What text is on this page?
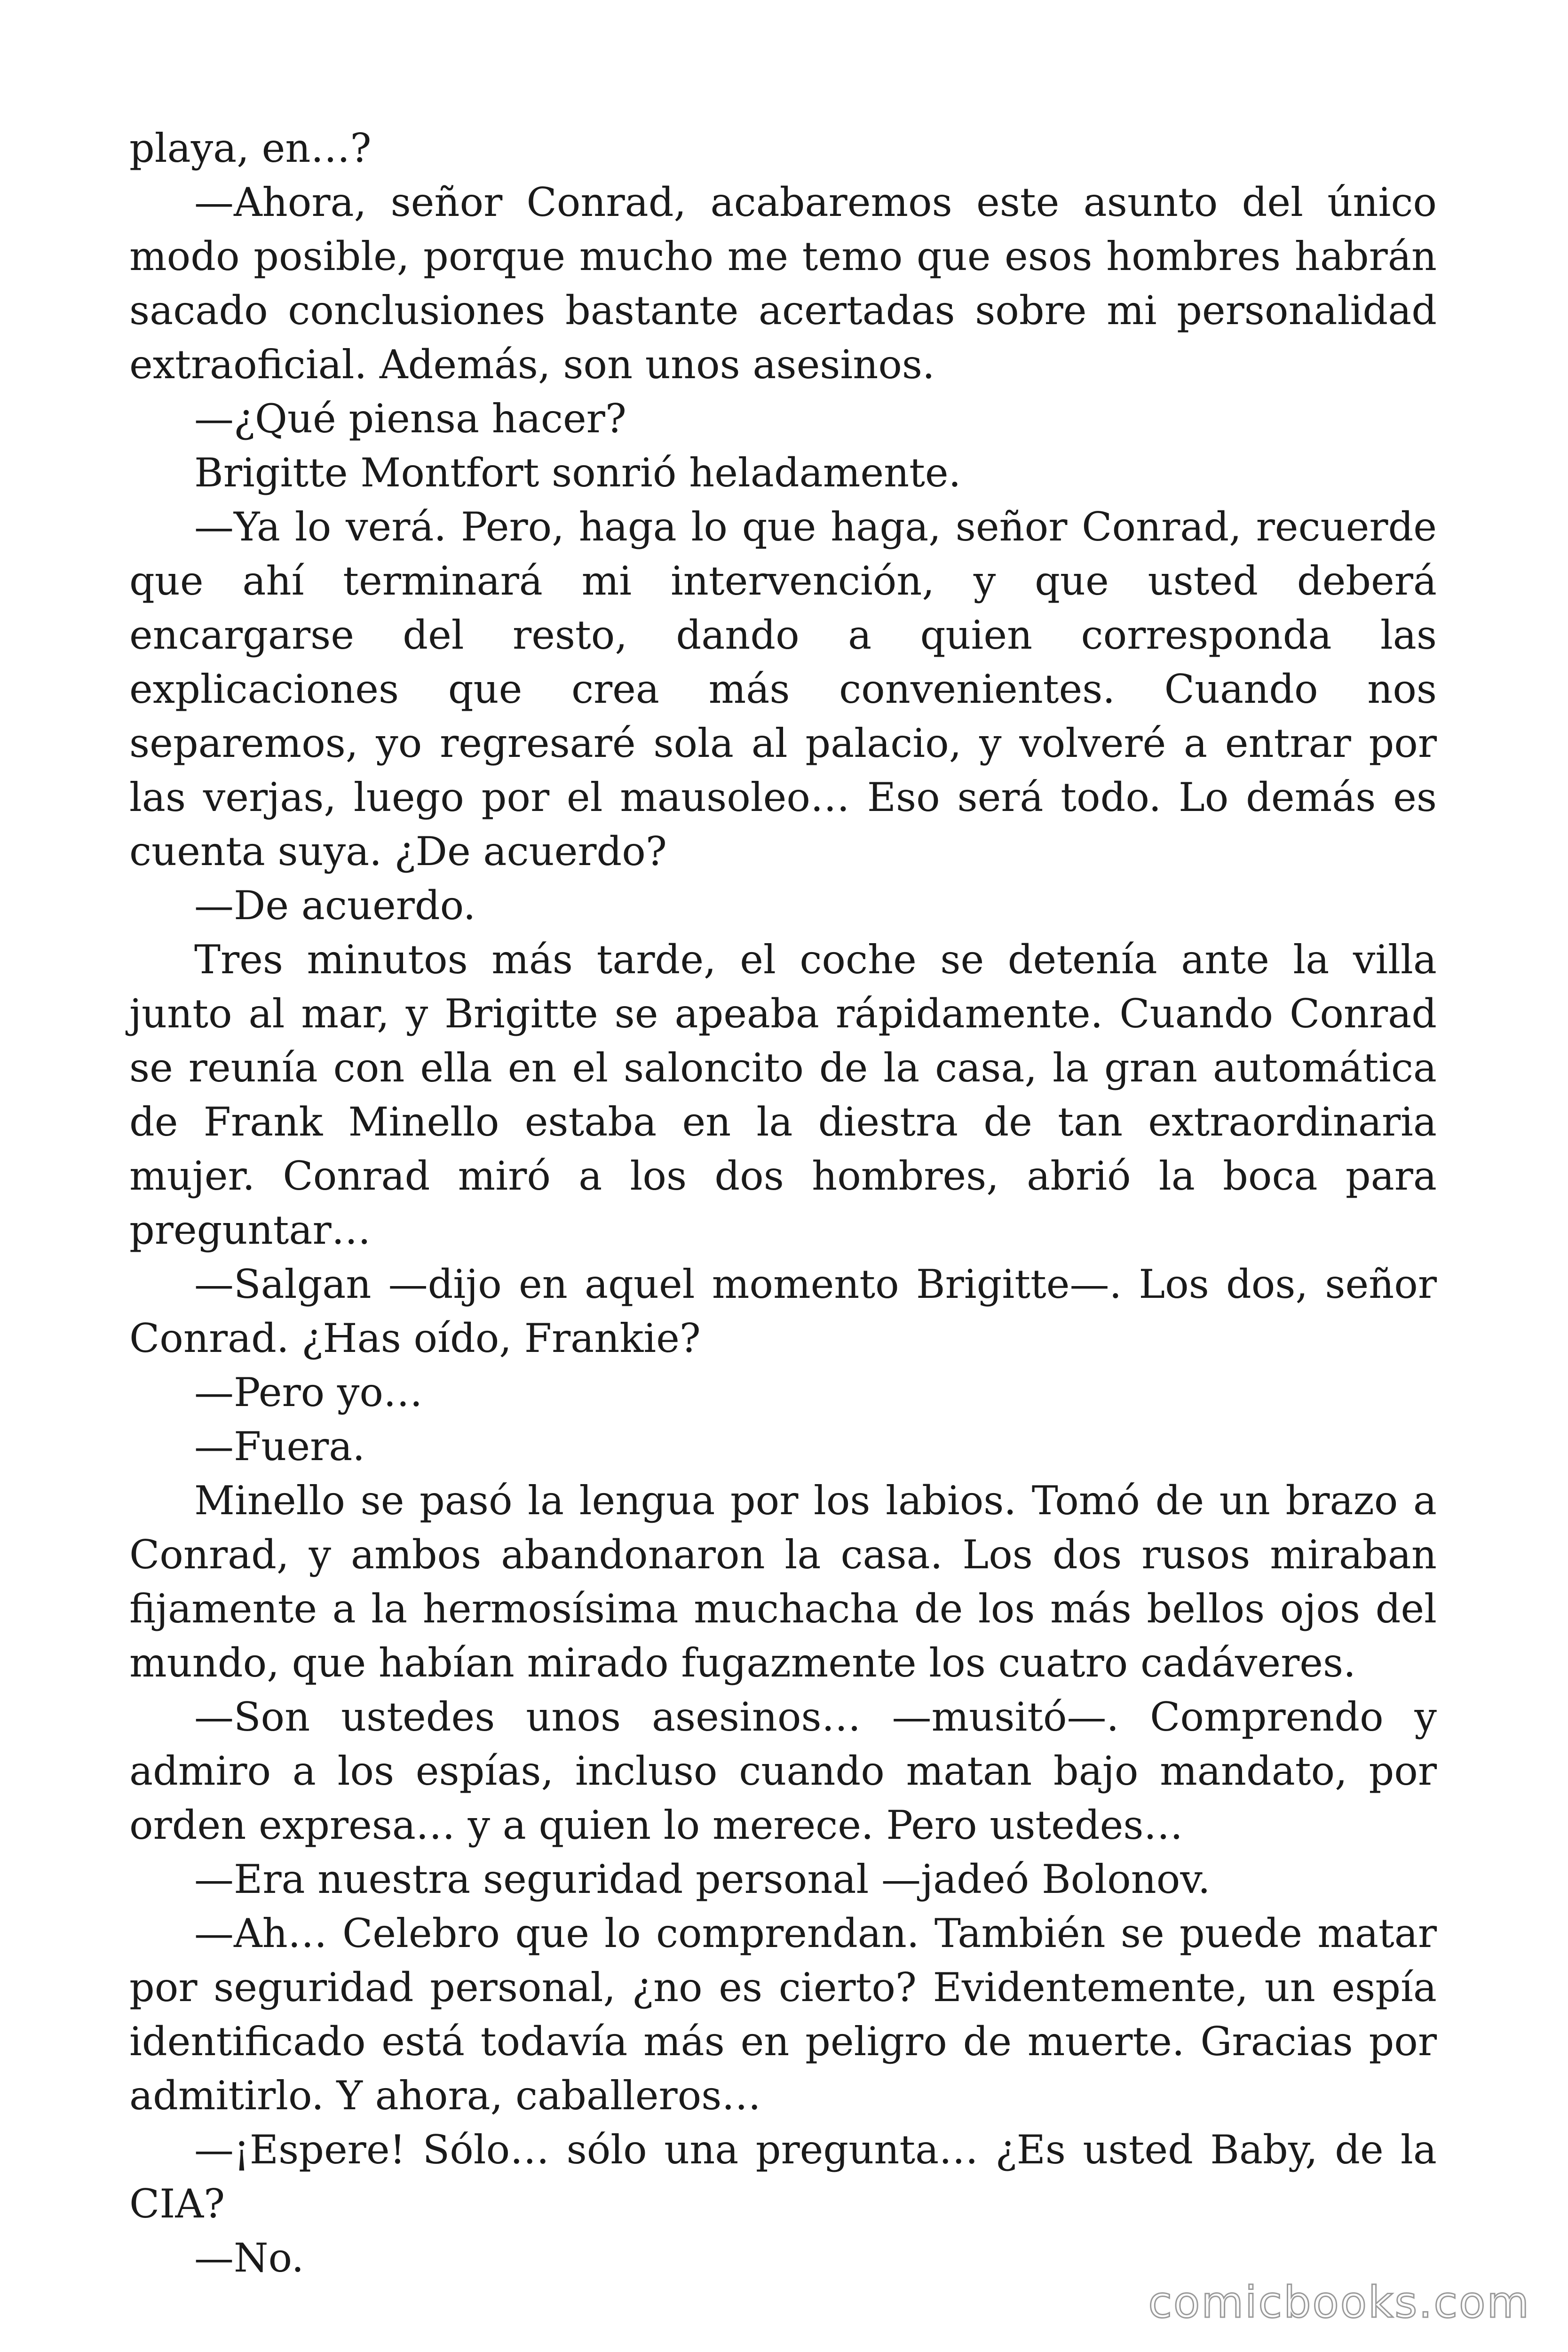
playa, en…?

—Ahora, señor Conrad, acabaremos este asunto del único modo posible, porque mucho me temo que esos hombres habrán sacado conclusiones bastante acertadas sobre mi personalidad extraoficial. Además, son unos asesinos.

—¿Qué piensa hacer?

Brigitte Montfort sonrió heladamente.

—Ya lo verá. Pero, haga lo que haga, señor Conrad, recuerde que ahí terminará mi intervención, y que usted deberá encargarse del resto, dando a quien corresponda las explicaciones que crea más convenientes. Cuando nos separemos, yo regresaré sola al palacio, y volveré a entrar por las verjas, luego por el mausoleo… Eso será todo. Lo demás es cuenta suya. ¿De acuerdo?

—De acuerdo.

Tres minutos más tarde, el coche se detenía ante la villa junto al mar, y Brigitte se apeaba rápidamente. Cuando Conrad se reunía con ella en el saloncito de la casa, la gran automática de Frank Minello estaba en la diestra de tan extraordinaria mujer. Conrad miró a los dos hombres, abrió la boca para preguntar…

—Salgan —dijo en aquel momento Brigitte—. Los dos, señor Conrad. ¿Has oído, Frankie?

—Pero yo…

—Fuera.

Minello se pasó la lengua por los labios. Tomó de un brazo a Conrad, y ambos abandonaron la casa. Los dos rusos miraban fijamente a la hermosísima muchacha de los más bellos ojos del mundo, que habían mirado fugazmente los cuatro cadáveres.

—Son ustedes unos asesinos… —musitó—. Comprendo y admiro a los espías, incluso cuando matan bajo mandato, por orden expresa… y a quien lo merece. Pero ustedes…

—Era nuestra seguridad personal —jadeó Bolonov.

—Ah… Celebro que lo comprendan. También se puede matar por seguridad personal, ¿no es cierto? Evidentemente, un espía identificado está todavía más en peligro de muerte. Gracias por admitirlo. Y ahora, caballeros…

—¡Espere! Sólo… sólo una pregunta… ¿Es usted Baby, de la CIA?

—No.

comicbooks.com
